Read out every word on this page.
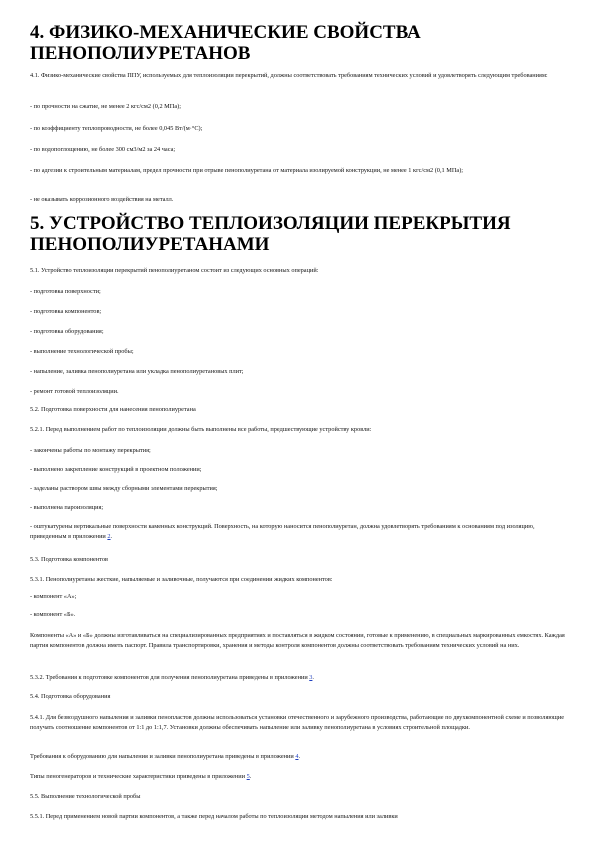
4. ФИЗИКО-МЕХАНИЧЕСКИЕ СВОЙСТВА ПЕНОПОЛИУРЕТАНОВ

4.1. Физико-механические свойства ППУ, используемых для теплоизоляции перекрытий, должны соответствовать требованиям технических условий и удовлетворять следующим требованиям:

- по прочности на сжатие, не менее 2 кгс/см2 (0,2 МПа);

- по коэффициенту теплопроводности, не более 0,045 Вт/(м·°С);

- по водопоглощению, не более 300 см3/м2 за 24 часа;

- по адгезии к строительным материалам, предел прочности при отрыве пенополиуретана от материала изолируемой конструкции, не менее 1 кгс/см2 (0,1 МПа);

- не оказывать коррозионного воздействия на металл.

5. УСТРОЙСТВО ТЕПЛОИЗОЛЯЦИИ ПЕРЕКРЫТИЯ ПЕНОПОЛИУРЕТАНАМИ

5.1. Устройство теплоизоляции перекрытий пенополиуретаном состоит из следующих основных операций:

- подготовка поверхности;

- подготовка компонентов;

- подготовка оборудования;

- выполнение технологической пробы;

- напыление, заливка пенополиуретана или укладка пенополиуретановых плит;

- ремонт готовой теплоизоляции.

5.2. Подготовка поверхности для нанесения пенополиуретана

5.2.1. Перед выполнением работ по теплоизоляции должны быть выполнены все работы, предшествующие устройству кровли:

- закончены работы по монтажу перекрытия;

- выполнено закрепление конструкций в проектном положении;

- заделаны раствором швы между сборными элементами перекрытия;

- выполнена пароизоляция;

- оштукатурены вертикальные поверхности каменных конструкций. Поверхность, на которую наносится пенополиуретан, должна удовлетворять требованиям к основаниям под изоляцию, приведенным в приложении 2.

5.3. Подготовка компонентов

5.3.1. Пенополиуретаны жесткие, напыляемые и заливочные, получаются при соединении жидких компонентов:

- компонент «А»;

- компонент «Б».

Компоненты «А» и «Б» должны изготавливаться на специализированных предприятиях и поставляться в жидком состоянии, готовые к применению, в специальных маркированных емкостях. Каждая партия компонентов должна иметь паспорт. Правила транспортировки, хранения и методы контроля компонентов должны соответствовать требованиям технических условий на них.

5.3.2. Требования к подготовке компонентов для получения пенополиуретана приведены в приложении 3.

5.4. Подготовка оборудования

5.4.1. Для безвоздушного напыления и заливки пенопластов должны использоваться установки отечественного и зарубежного производства, работающие по двухкомпонентной схеме и позволяющие получать соотношение компонентов от 1:1 до 1:1,7. Установки должны обеспечивать напыление или заливку пенополиуретана в условиях строительной площадки.

Требования к оборудованию для напыления и заливки пенополиуретана приведены в приложении 4.

Типы пеногенераторов и технические характеристики приведены в приложении 5.

5.5. Выполнение технологической пробы

5.5.1. Перед применением новой партии компонентов, а также перед началом работы по теплоизоляции методом напыления или заливки
